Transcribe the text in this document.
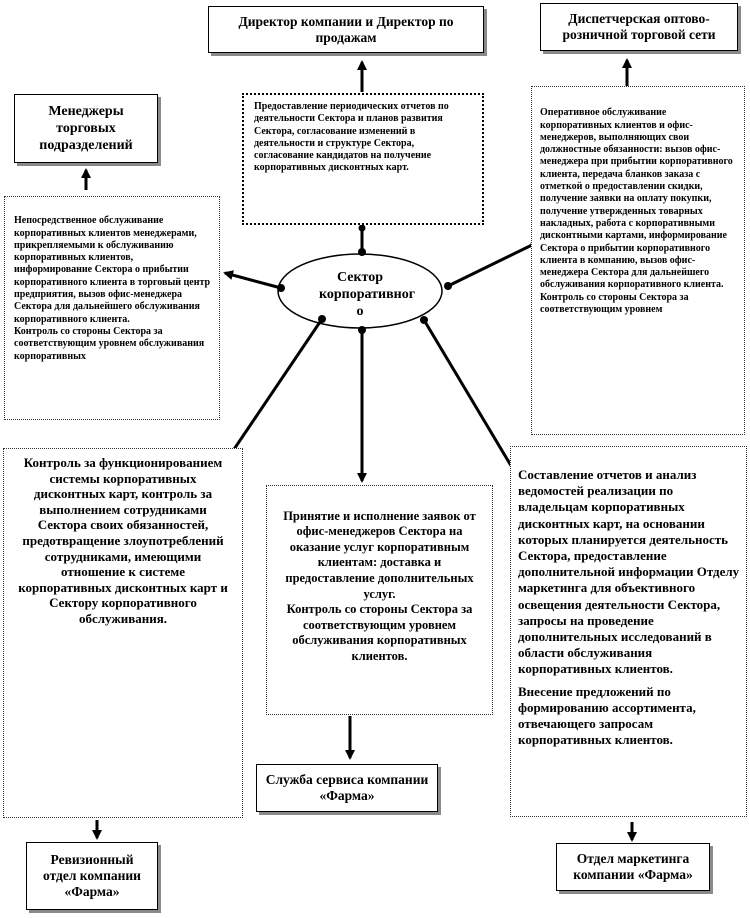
Директор компании и Директор по продажам
Диспетчерская оптово-розничной торговой сети
Менеджеры торговых подразделений
Предоставление периодических отчетов по деятельности Сектора и планов развития Сектора, согласование изменений в деятельности и структуре Сектора, согласование кандидатов на получение корпоративных дисконтных карт.

Непосредственное обслуживание корпоративных клиентов менеджерами, прикрепляемыми к обслуживанию корпоративных клиентов, информирование Сектора о прибытии корпоративного клиента в торговый центр предприятия, вызов офис-менеджера Сектора для дальнейшего обслуживания корпоративного клиента.
Контроль со стороны Сектора за соответствующим уровнем обслуживания корпоративных

Оперативное обслуживание корпоративных клиентов и офис-менеджеров, выполняющих свои должностные обязанности: вызов офис-менеджера при прибытии корпоративного клиента, передача бланков заказа с отметкой о предоставлении скидки, получение заявки на оплату покупки, получение утвержденных товарных накладных, работа с корпоративными дисконтными картами, информирование Сектора о прибытии корпоративного клиента в компанию, вызов офис-менеджера Сектора для дальнейшего обслуживания корпоративного клиента.
Контроль со стороны Сектора за соответствующим уровнем

Сектор корпоративног о
Контроль за функционированием системы корпоративных дисконтных карт, контроль за выполнением сотрудниками Сектора своих обязанностей, предотвращение злоупотреблений сотрудниками, имеющими отношение к системе корпоративных дисконтных карт и Сектору корпоративного обслуживания.

Принятие и исполнение заявок от офис-менеджеров Сектора на оказание услуг корпоративным клиентам: доставка и предоставление дополнительных услуг.
Контроль со стороны Сектора за соответствующим уровнем обслуживания корпоративных клиентов.

Составление отчетов и анализ ведомостей реализации по владельцам корпоративных дисконтных карт, на основании которых планируется деятельность Сектора, предоставление дополнительной информации Отделу маркетинга для объективного освещения деятельности Сектора, запросы на проведение дополнительных исследований в области обслуживания корпоративных клиентов.
Внесение предложений по формированию ассортимента, отвечающего запросам корпоративных клиентов.
Ревизионный отдел компании «Фарма»
Служба сервиса компании «Фарма»
Отдел маркетинга компании «Фарма»
